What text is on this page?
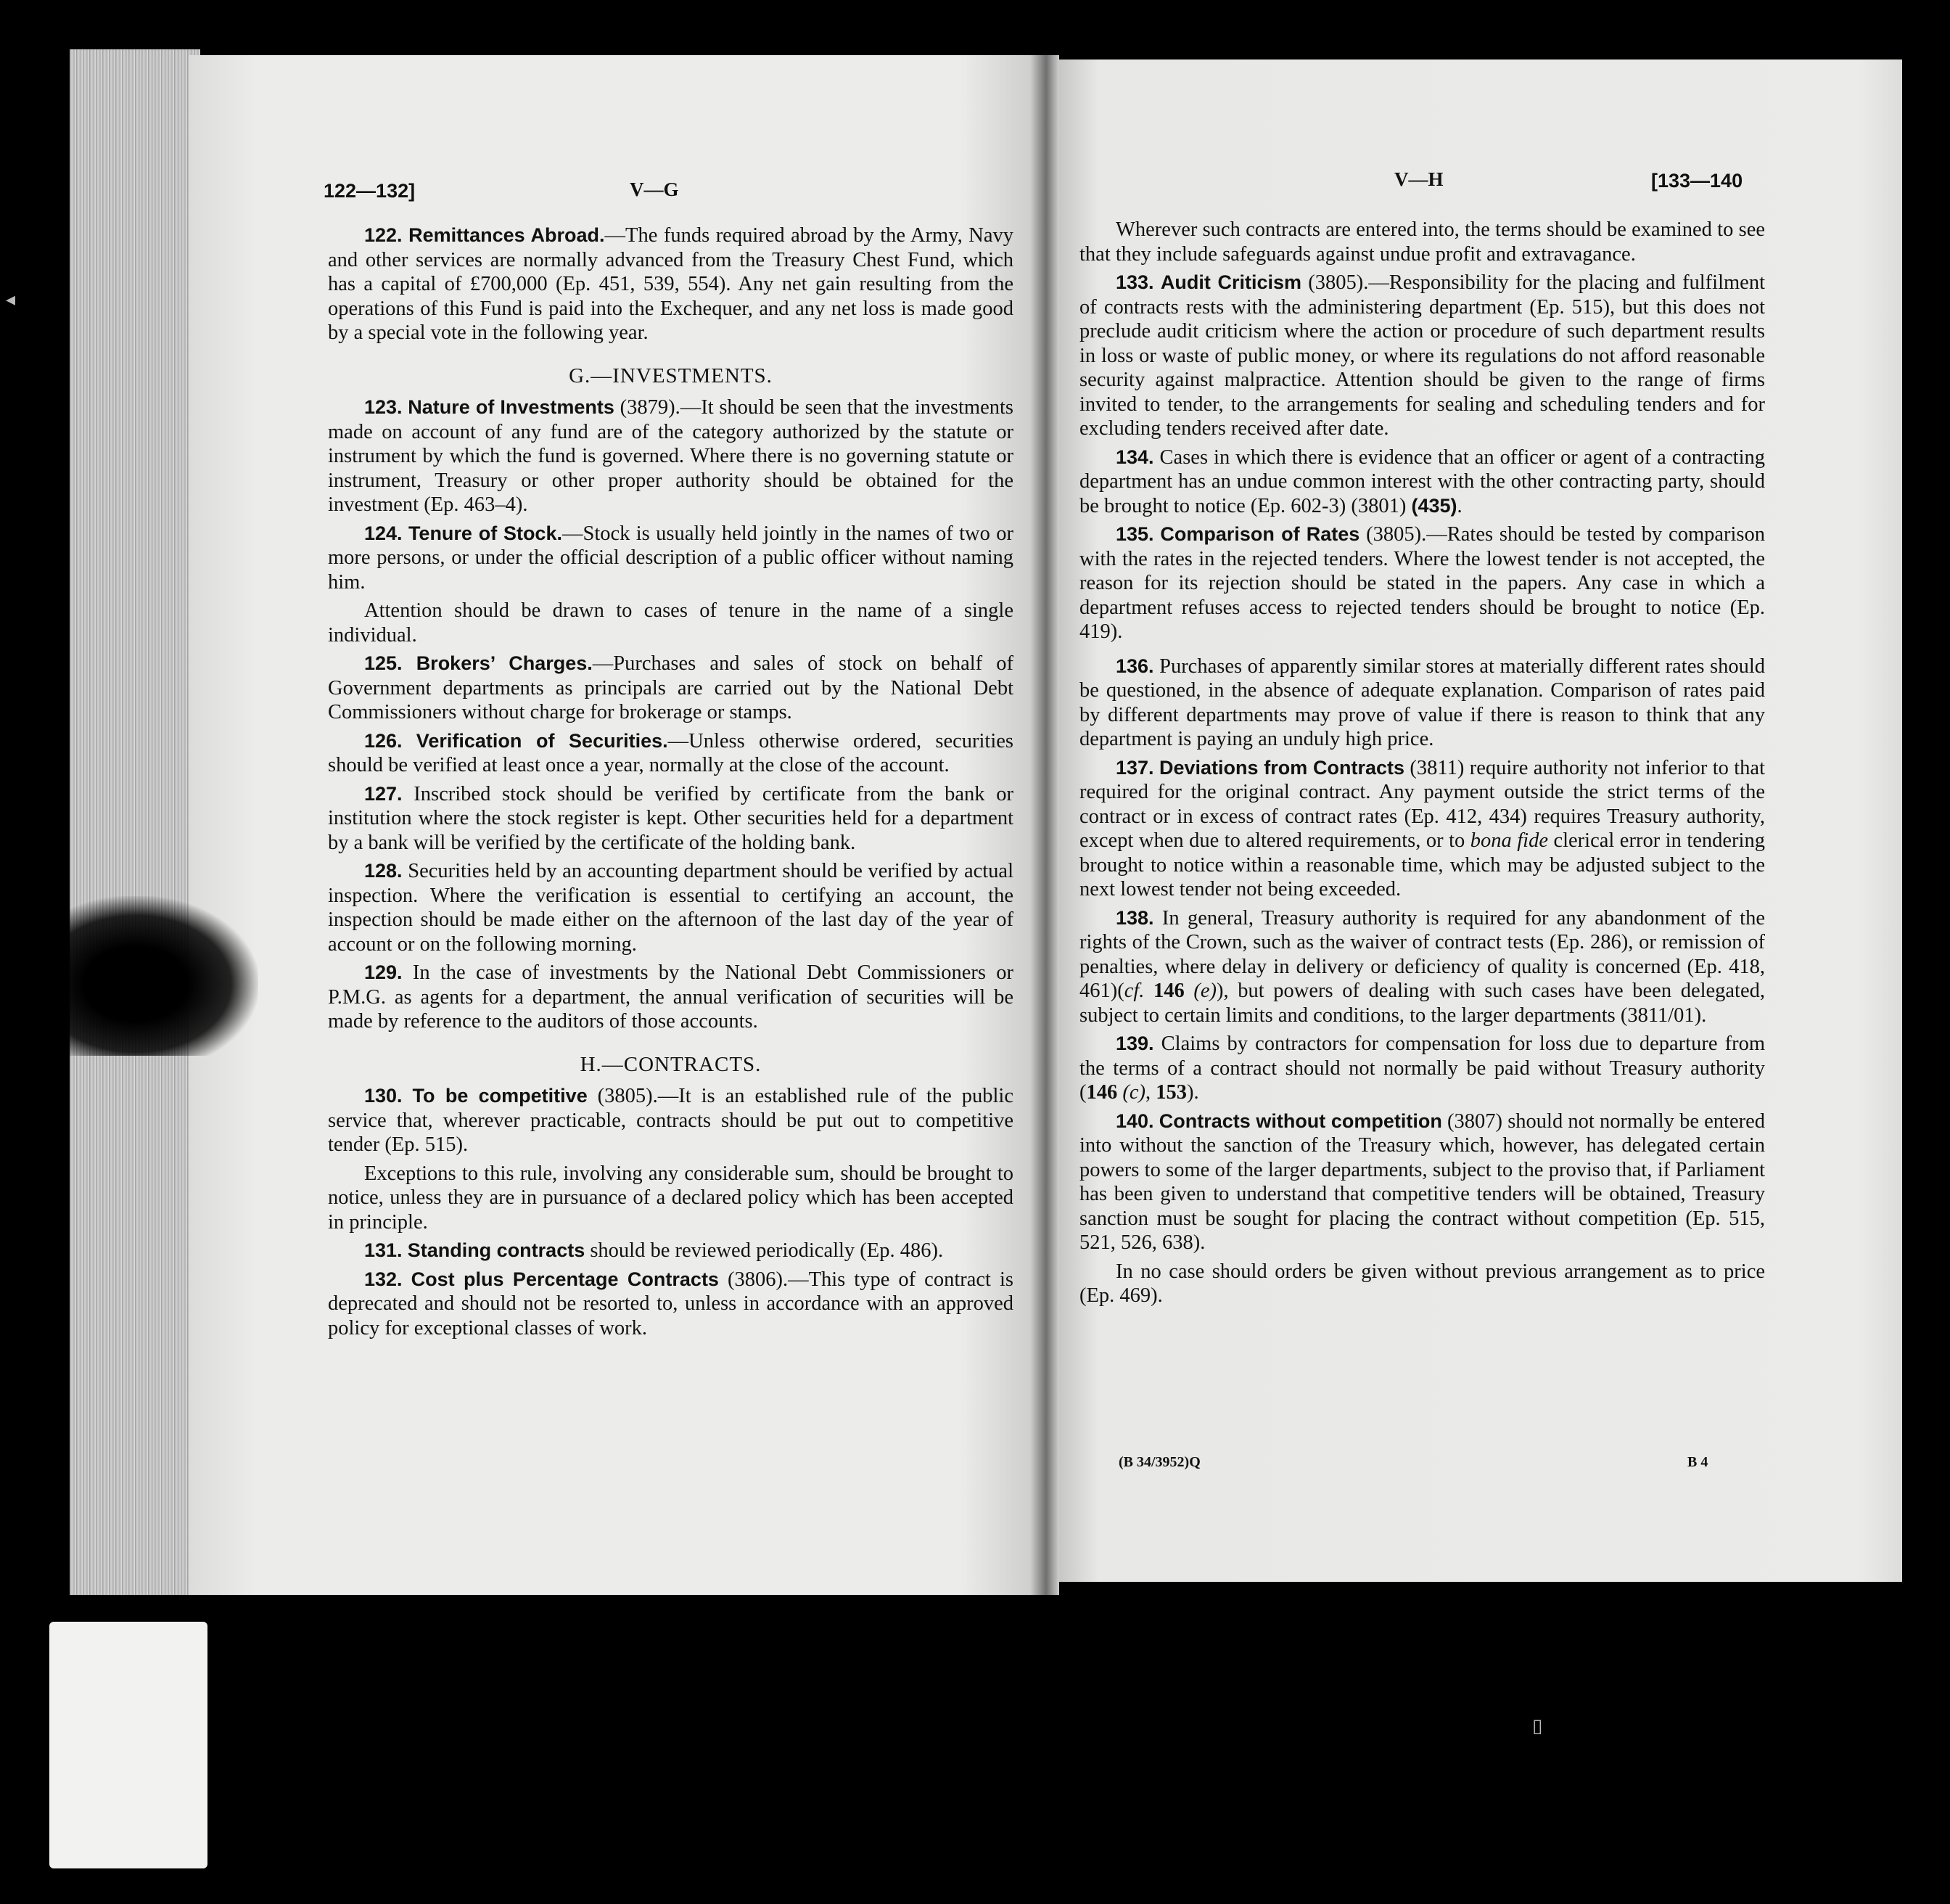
◂
▯
122—132]	V—G	V—H	[133—140

122. Remittances Abroad.—The funds required abroad by the Army, Navy and other services are normally advanced from the Treasury Chest Fund, which has a capital of £700,000 (Ep. 451, 539, 554). Any net gain resulting from the operations of this Fund is paid into the Exchequer, and any net loss is made good by a special vote in the following year.

G.—INVESTMENTS.

123. Nature of Investments (3879).—It should be seen that the investments made on account of any fund are of the category authorized by the statute or instrument by which the fund is governed. Where there is no governing statute or instrument, Treasury or other proper authority should be obtained for the investment (Ep. 463–4).

124. Tenure of Stock.—Stock is usually held jointly in the names of two or more persons, or under the official description of a public officer without naming him.

Attention should be drawn to cases of tenure in the name of a single individual.

125. Brokers’ Charges.—Purchases and sales of stock on behalf of Government departments as principals are carried out by the National Debt Commissioners without charge for brokerage or stamps.

126. Verification of Securities.—Unless otherwise ordered, securities should be verified at least once a year, normally at the close of the account.

127. Inscribed stock should be verified by certificate from the bank or institution where the stock register is kept. Other securities held for a department by a bank will be verified by the certificate of the holding bank.

128. Securities held by an accounting department should be verified by actual inspection. Where the verification is essential to certifying an account, the inspection should be made either on the afternoon of the last day of the year of account or on the following morning.

129. In the case of investments by the National Debt Commissioners or P.M.G. as agents for a department, the annual verification of securities will be made by reference to the auditors of those accounts.

H.—CONTRACTS.

130. To be competitive (3805).—It is an established rule of the public service that, wherever practicable, contracts should be put out to competitive tender (Ep. 515).

Exceptions to this rule, involving any considerable sum, should be brought to notice, unless they are in pursuance of a declared policy which has been accepted in principle.

131. Standing contracts should be reviewed periodically (Ep. 486).

132. Cost plus Percentage Contracts (3806).—This type of contract is deprecated and should not be resorted to, unless in accordance with an approved policy for exceptional classes of work.

Wherever such contracts are entered into, the terms should be examined to see that they include safeguards against undue profit and extravagance.

133. Audit Criticism (3805).—Responsibility for the placing and fulfilment of contracts rests with the administering department (Ep. 515), but this does not preclude audit criticism where the action or procedure of such department results in loss or waste of public money, or where its regulations do not afford reasonable security against malpractice. Attention should be given to the range of firms invited to tender, to the arrangements for sealing and scheduling tenders and for excluding tenders received after date.

134. Cases in which there is evidence that an officer or agent of a contracting department has an undue common interest with the other contracting party, should be brought to notice (Ep. 602-3) (3801) (435).

135. Comparison of Rates (3805).—Rates should be tested by comparison with the rates in the rejected tenders. Where the lowest tender is not accepted, the reason for its rejection should be stated in the papers. Any case in which a department refuses access to rejected tenders should be brought to notice (Ep. 419).

136. Purchases of apparently similar stores at materially different rates should be questioned, in the absence of adequate explanation. Comparison of rates paid by different departments may prove of value if there is reason to think that any department is paying an unduly high price.

137. Deviations from Contracts (3811) require authority not inferior to that required for the original contract. Any payment outside the strict terms of the contract or in excess of contract rates (Ep. 412, 434) requires Treasury authority, except when due to altered requirements, or to bona fide clerical error in tendering brought to notice within a reasonable time, which may be adjusted subject to the next lowest tender not being exceeded.

138. In general, Treasury authority is required for any abandonment of the rights of the Crown, such as the waiver of contract tests (Ep. 286), or remission of penalties, where delay in delivery or deficiency of quality is concerned (Ep. 418, 461)(cf. 146 (e)), but powers of dealing with such cases have been delegated, subject to certain limits and conditions, to the larger departments (3811/01).

139. Claims by contractors for compensation for loss due to departure from the terms of a contract should not normally be paid without Treasury authority (146 (c), 153).

140. Contracts without competition (3807) should not normally be entered into without the sanction of the Treasury which, however, has delegated certain powers to some of the larger departments, subject to the proviso that, if Parliament has been given to understand that competitive tenders will be obtained, Treasury sanction must be sought for placing the contract without competition (Ep. 515, 521, 526, 638).

In no case should orders be given without previous arrangement as to price (Ep. 469).

(B 34/3952)Q	B 4
